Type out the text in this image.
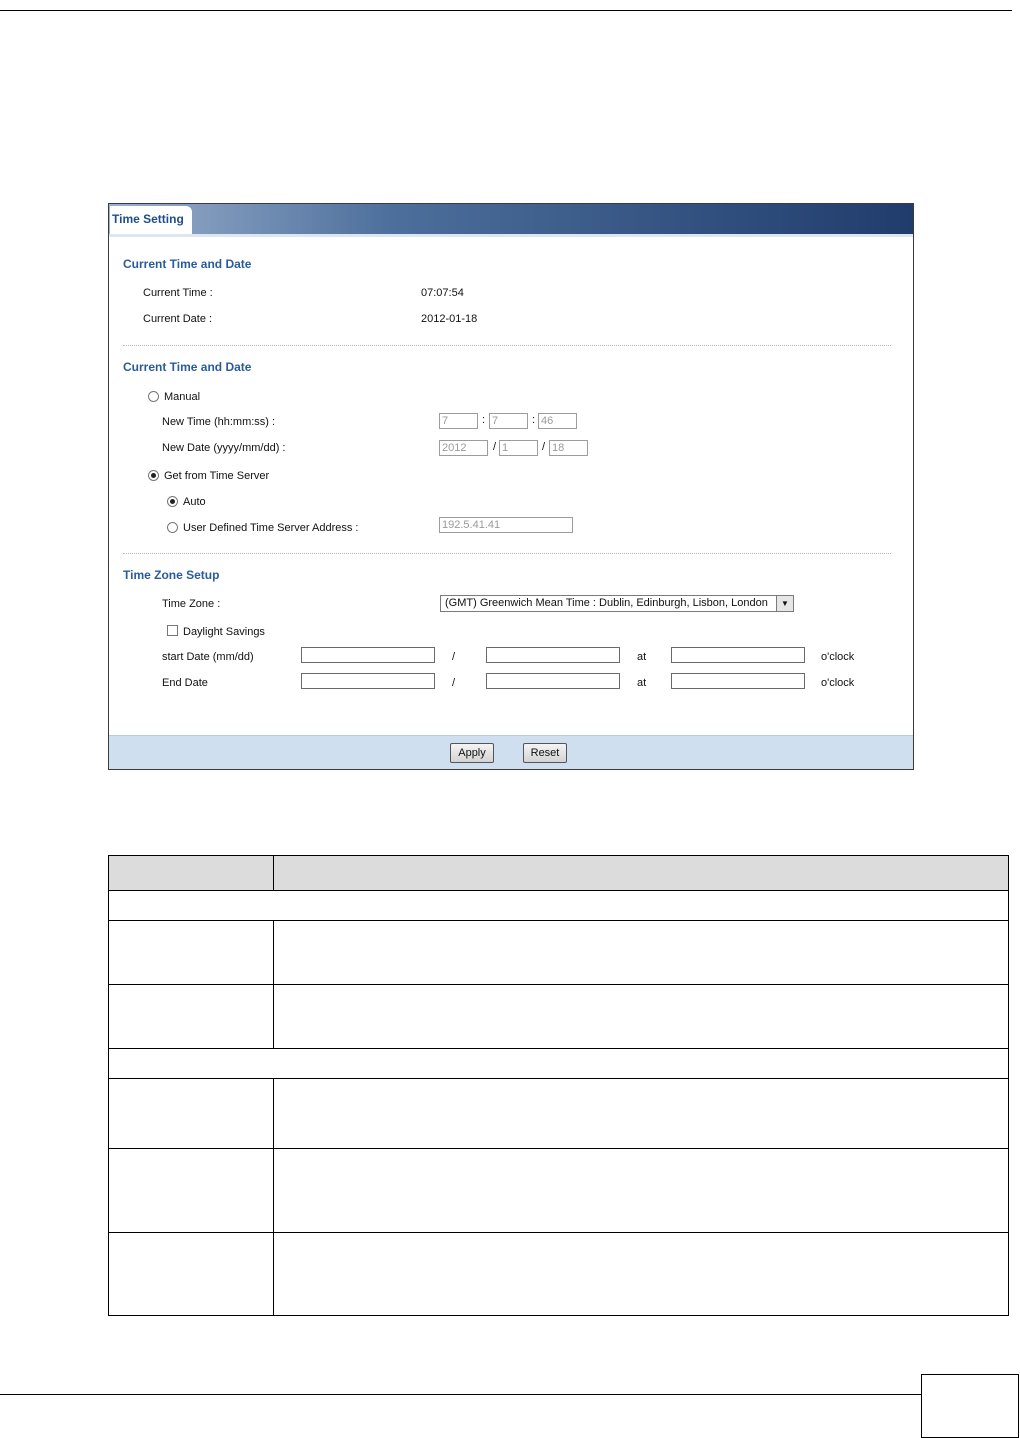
Time Setting
Current Time and Date
Current Time :	07:07:54
Current Date :	2012-01-18
Current Time and Date
Manual
New Time (hh:mm:ss) :	7	: 7	: 46
New Date (yyyy/mm/dd) :	2012	/ 1	/ 18
Get from Time Server
Auto
User Defined Time Server Address :	192.5.41.41
Time Zone Setup
Time Zone :	(GMT) Greenwich Mean Time : Dublin, Edinburgh, Lisbon, London	▼
Daylight Savings
start Date (mm/dd)	/	at	o'clock
End Date	/	at	o'clock
Apply	Reset
